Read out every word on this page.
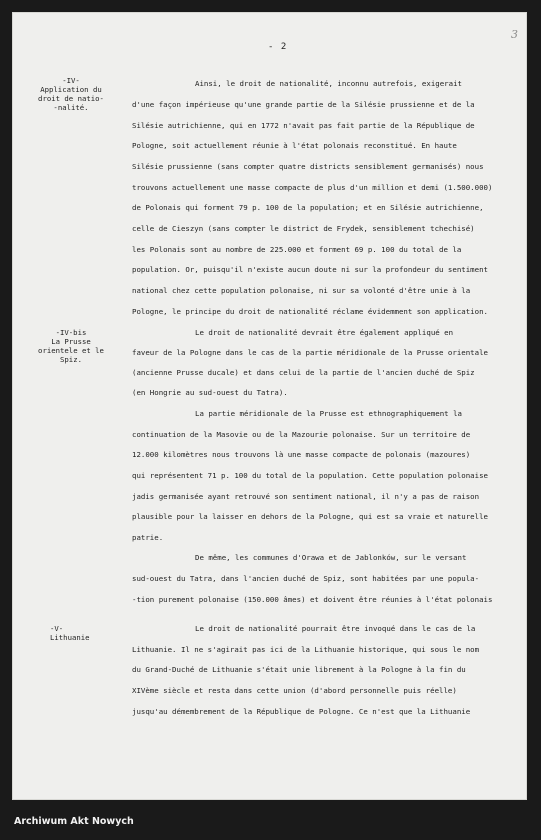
- 2
3
-IV-
Application du
droit de natio-
-nalité.
-IV-bis
La Prusse
orientele et le
Spiz.
-V-
Lithuanie
Ainsi, le droit de nationalité, inconnu autrefois, exigerait
d'une façon impérieuse qu'une grande partie de la Silésie prussienne et de la
Silésie autrichienne, qui en 1772 n'avait pas fait partie de la République de
Pologne, soit actuellement réunie à l'état polonais reconstitué. En haute
Silésie prussienne (sans compter quatre districts sensiblement germanisés) nous
trouvons actuellement une masse compacte de plus d'un million et demi (1.500.000)
de Polonais qui forment 79 p. 100 de la population; et en Silésie autrichienne,
celle de Cieszyn (sans compter le district de Frydek, sensiblement tchechisé)
les Polonais sont au nombre de 225.000 et forment 69 p. 100 du total de la
population. Or, puisqu'il n'existe aucun doute ni sur la profondeur du sentiment
national chez cette population polonaise, ni sur sa volonté d'être unie à la
Pologne, le principe du droit de nationalité réclame évidemment son application.
Le droit de nationalité devrait être également appliqué en
faveur de la Pologne dans le cas de la partie méridionale de la Prusse orientale
(ancienne Prusse ducale) et dans celui de la partie de l'ancien duché de Spiz
(en Hongrie au sud-ouest du Tatra).
La partie méridionale de la Prusse est ethnographiquement la
continuation de la Masovie ou de la Mazourie polonaise. Sur un territoire de
12.000 kilomètres nous trouvons là une masse compacte de polonais (mazoures)
qui représentent 71 p. 100 du total de la population. Cette population polonaise
jadis germanisée ayant retrouvé son sentiment national, il n'y a pas de raison
plausible pour la laisser en dehors de la Pologne, qui est sa vraie et naturelle
patrie.
De même, les communes d'Orawa et de Jablonków, sur le versant
sud-ouest du Tatra, dans l'ancien duché de Spiz, sont habitées par une popula-
-tion purement polonaise (150.000 âmes) et doivent être réunies à l'état polonais
Le droit de nationalité pourrait être invoqué dans le cas de la
Lithuanie. Il ne s'agirait pas ici de la Lithuanie historique, qui sous le nom
du Grand-Duché de Lithuanie s'était unie librement à la Pologne à la fin du
XIVème siècle et resta dans cette union (d'abord personnelle puis réelle)
jusqu'au démembrement de la République de Pologne. Ce n'est que la Lithuanie
Archiwum Akt Nowych
